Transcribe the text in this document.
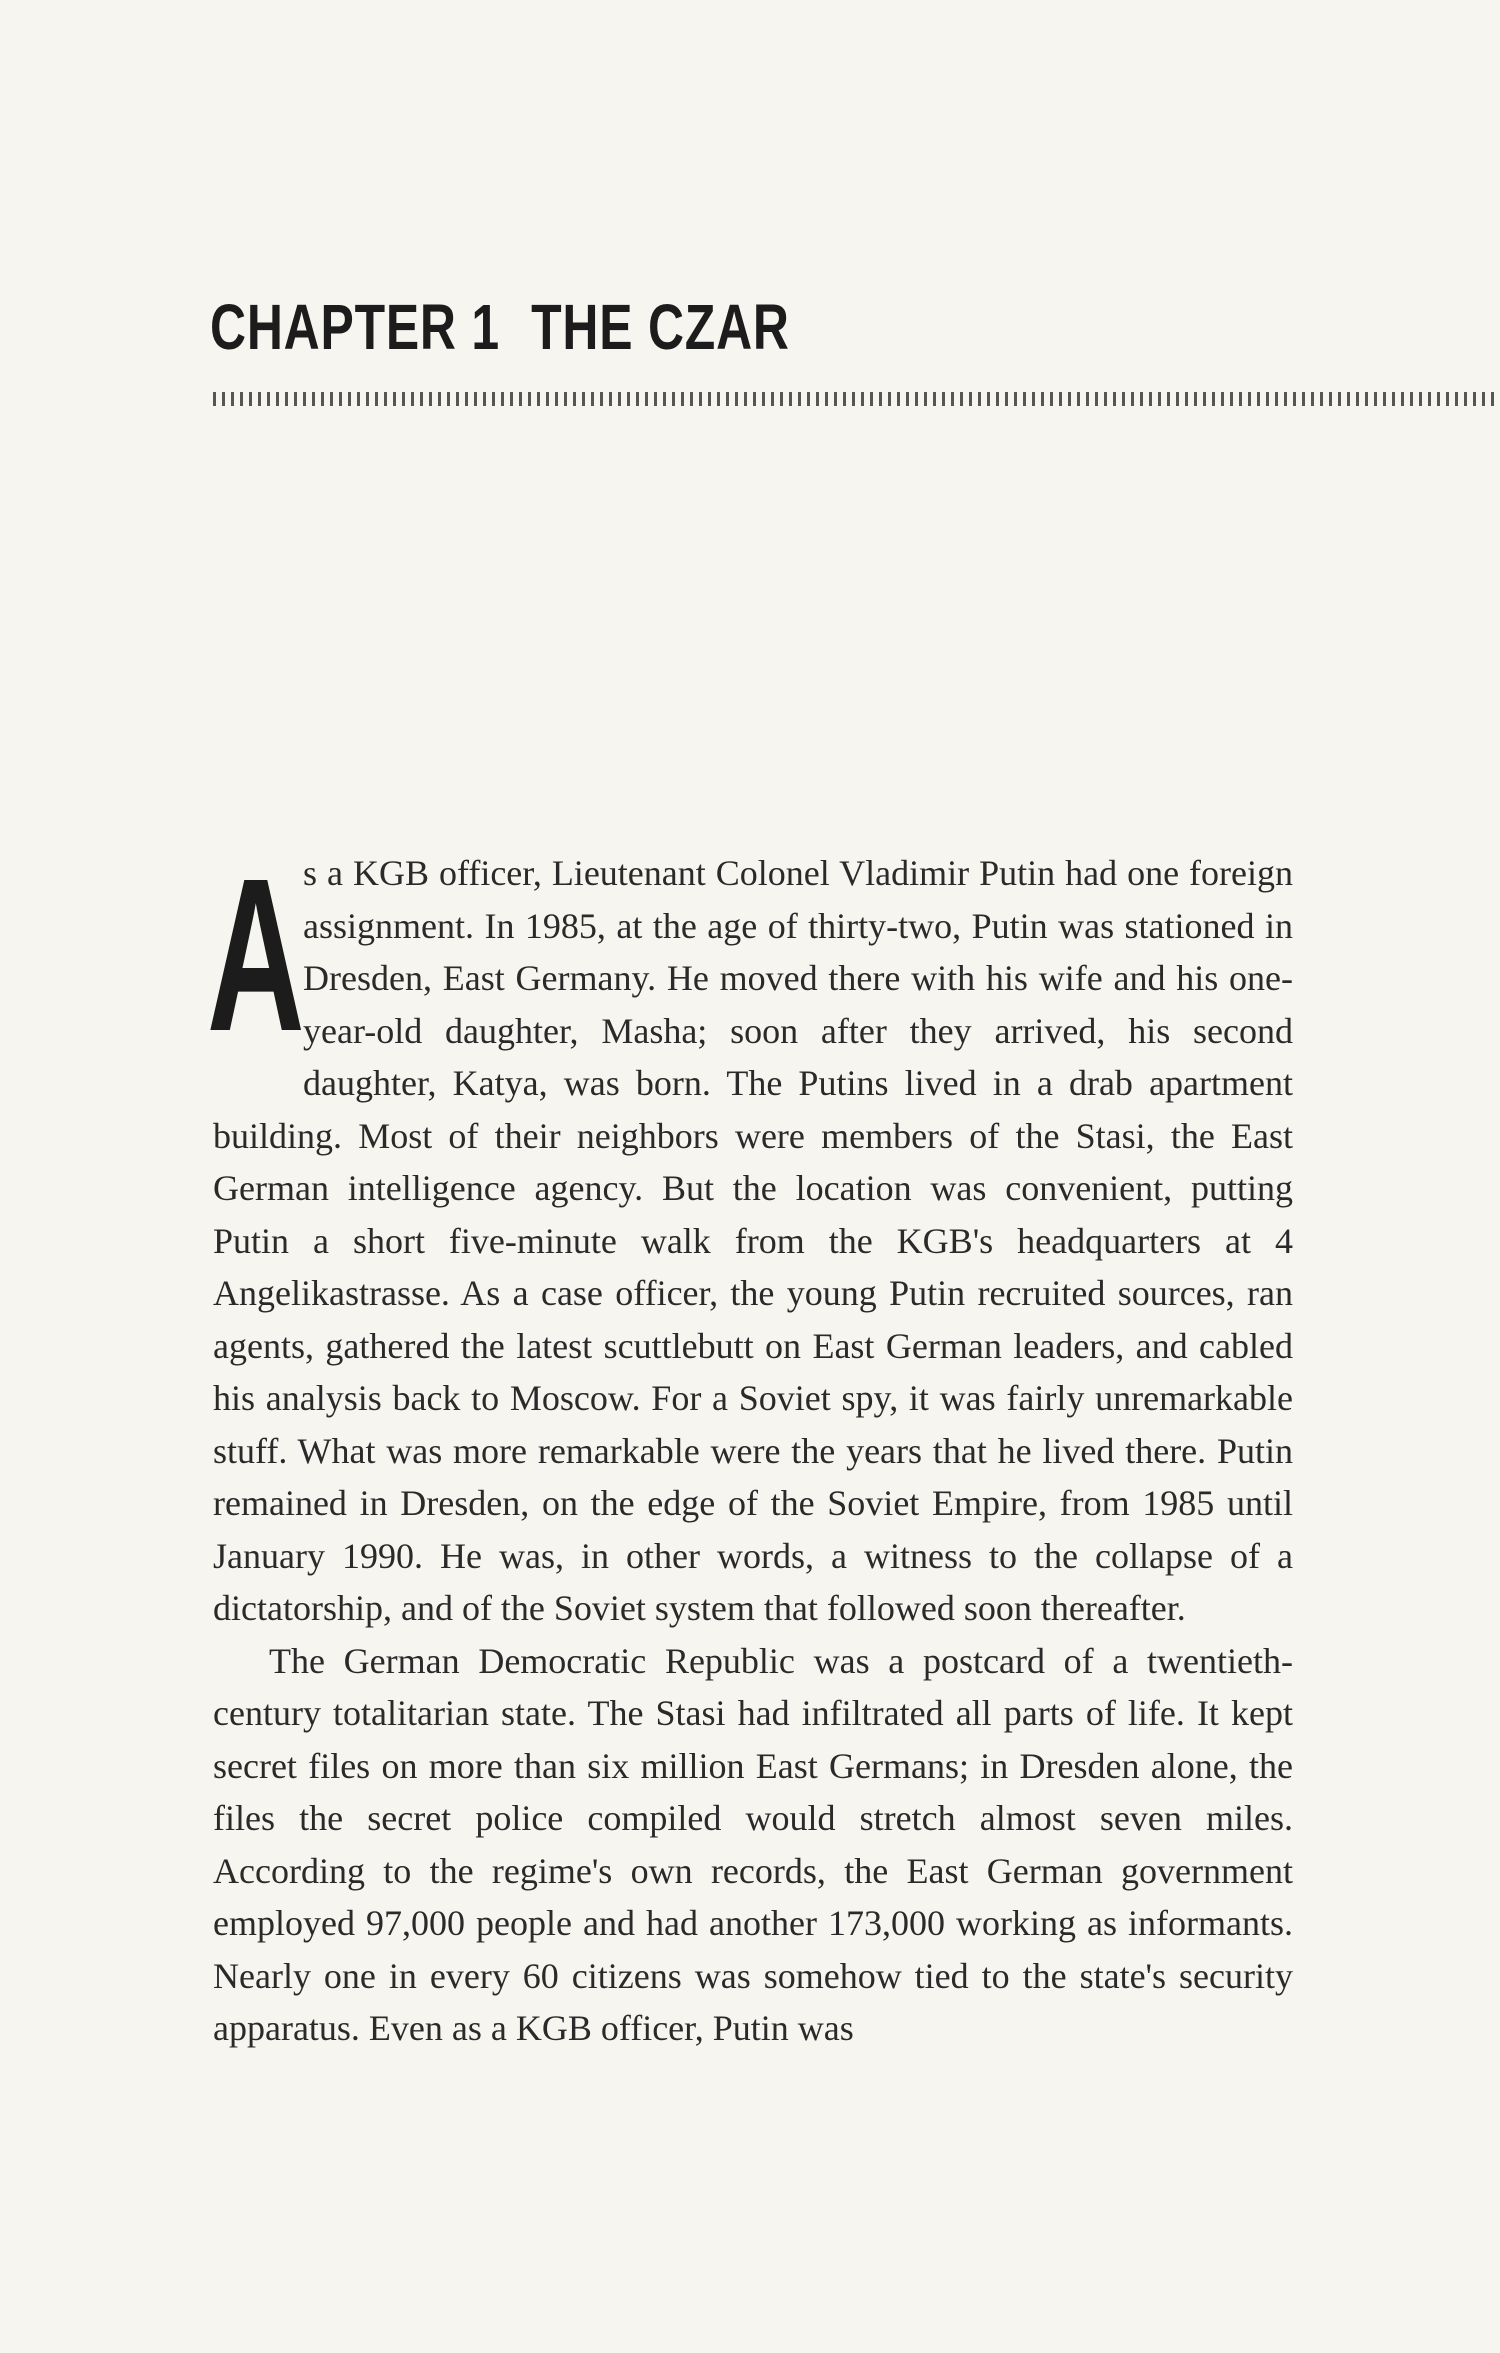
CHAPTER 1 THE CZAR

A
s a KGB officer, Lieutenant Colonel Vladimir Putin had one foreign assignment. In 1985, at the age of thirty-two, Putin was stationed in Dresden, East Germany. He moved there with his wife and his one-year-old daughter, Masha; soon after they arrived, his second daughter, Katya, was born. The Putins lived in a drab apartment building. Most of their neighbors were members of the Stasi, the East German intelligence agency. But the location was convenient, putting Putin a short five-minute walk from the KGB's headquarters at 4 Angelikastrasse. As a case officer, the young Putin recruited sources, ran agents, gathered the latest scuttlebutt on East German leaders, and cabled his analysis back to Moscow. For a Soviet spy, it was fairly unremarkable stuff. What was more remarkable were the years that he lived there. Putin remained in Dresden, on the edge of the Soviet Empire, from 1985 until January 1990. He was, in other words, a witness to the collapse of a dictatorship, and of the Soviet system that followed soon thereafter.

The German Democratic Republic was a postcard of a twentieth-century totalitarian state. The Stasi had infiltrated all parts of life. It kept secret files on more than six million East Germans; in Dresden alone, the files the secret police compiled would stretch almost seven miles. According to the regime's own records, the East German government employed 97,000 people and had another 173,000 working as informants. Nearly one in every 60 citizens was somehow tied to the state's security apparatus. Even as a KGB officer, Putin was
